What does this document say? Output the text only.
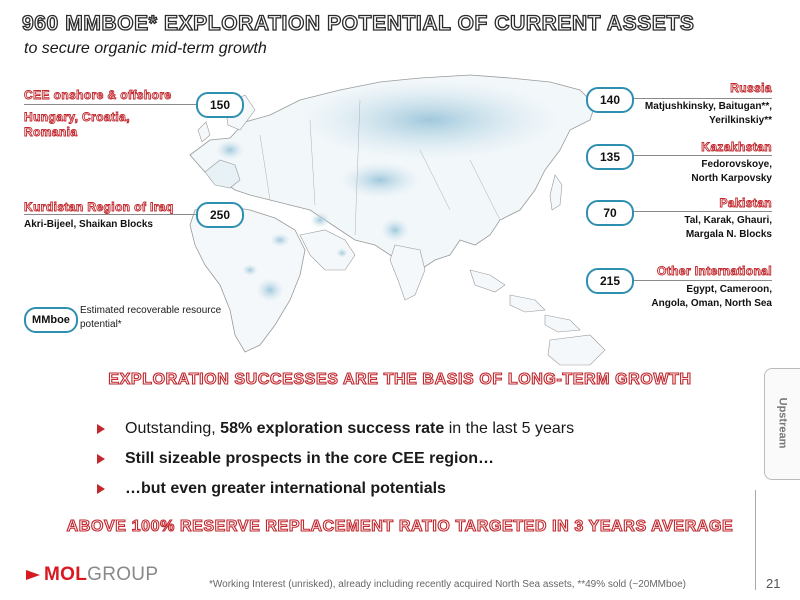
960 MMBOE* EXPLORATION POTENTIAL OF CURRENT ASSETS
to secure organic mid-term growth
CEE onshore & offshore
Hungary, Croatia,
Romania
150
Kurdistan Region of Iraq
Akri-Bijeel, Shaikan Blocks
250
Russia
Matjushkinsky, Baitugan**,
Yerilkinskiy**
140
Kazakhstan
Fedorovskoye,
North Karpovsky
135
Pakistan
Tal, Karak, Ghauri,
Margala N. Blocks
70
Other International
Egypt, Cameroon,
Angola, Oman, North Sea
215
MMboe
Estimated recoverable resource
potential*
EXPLORATION SUCCESSES ARE THE BASIS OF LONG-TERM GROWTH
Outstanding, 58% exploration success rate in the last 5 years
Still sizeable prospects in the core CEE region…
…but even greater international potentials
ABOVE 100% RESERVE REPLACEMENT RATIO TARGETED IN 3 YEARS AVERAGE
Upstream
MOLGROUP	*Working Interest (unrisked), already including recently acquired North Sea assets, **49% sold (~20MMboe)	21
